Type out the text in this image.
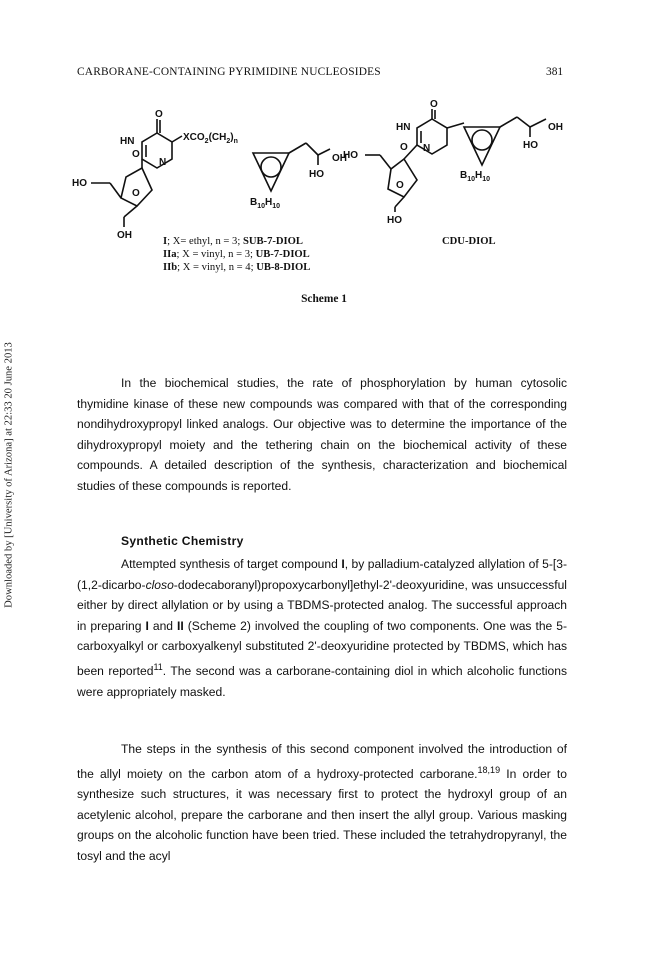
CARBORANE-CONTAINING PYRIMIDINE NUCLEOSIDES	381
Downloaded by [University of Arizona] at 22:33 20 June 2013
O
HN
O
N
$XCO_2(CH_2)_n$
HO
O
OH
OH
HO
$B_{10}H_{10}$
O
HN
O N
HO
O
HO
OH
HO
$B_{10}H_{10}$
I; X= ethyl, n = 3; SUB-7-DIOL
IIa; X = vinyl, n = 3; UB-7-DIOL
IIb; X = vinyl, n = 4; UB-8-DIOL
CDU-DIOL
Scheme 1

In the biochemical studies, the rate of phosphorylation by human cytosolic thymidine kinase of these new compounds was compared with that of the corresponding nondihydroxypropyl linked analogs. Our objective was to determine the importance of the dihydroxypropyl moiety and the tethering chain on the biochemical activity of these compounds. A detailed description of the synthesis, characterization and biochemical studies of these compounds is reported.

Synthetic Chemistry

Attempted synthesis of target compound I, by palladium-catalyzed allylation of 5-[3-(1,2-dicarbo-closo-dodecaboranyl)propoxycarbonyl]ethyl-2'-deoxyuridine, was unsuccessful either by direct allylation or by using a TBDMS-protected analog. The successful approach in preparing I and II (Scheme 2) involved the coupling of two components. One was the 5-carboxyalkyl or carboxyalkenyl substituted 2'-deoxyuridine protected by TBDMS, which has been reported$^{11}$. The second was a carborane-containing diol in which alcoholic functions were appropriately masked.

The steps in the synthesis of this second component involved the introduction of the allyl moiety on the carbon atom of a hydroxy-protected carborane.$^{18,19}$ In order to synthesize such structures, it was necessary first to protect the hydroxyl group of an acetylenic alcohol, prepare the carborane and then insert the allyl group. Various masking groups on the alcoholic function have been tried. These included the tetrahydropyranyl, the tosyl and the acyl
